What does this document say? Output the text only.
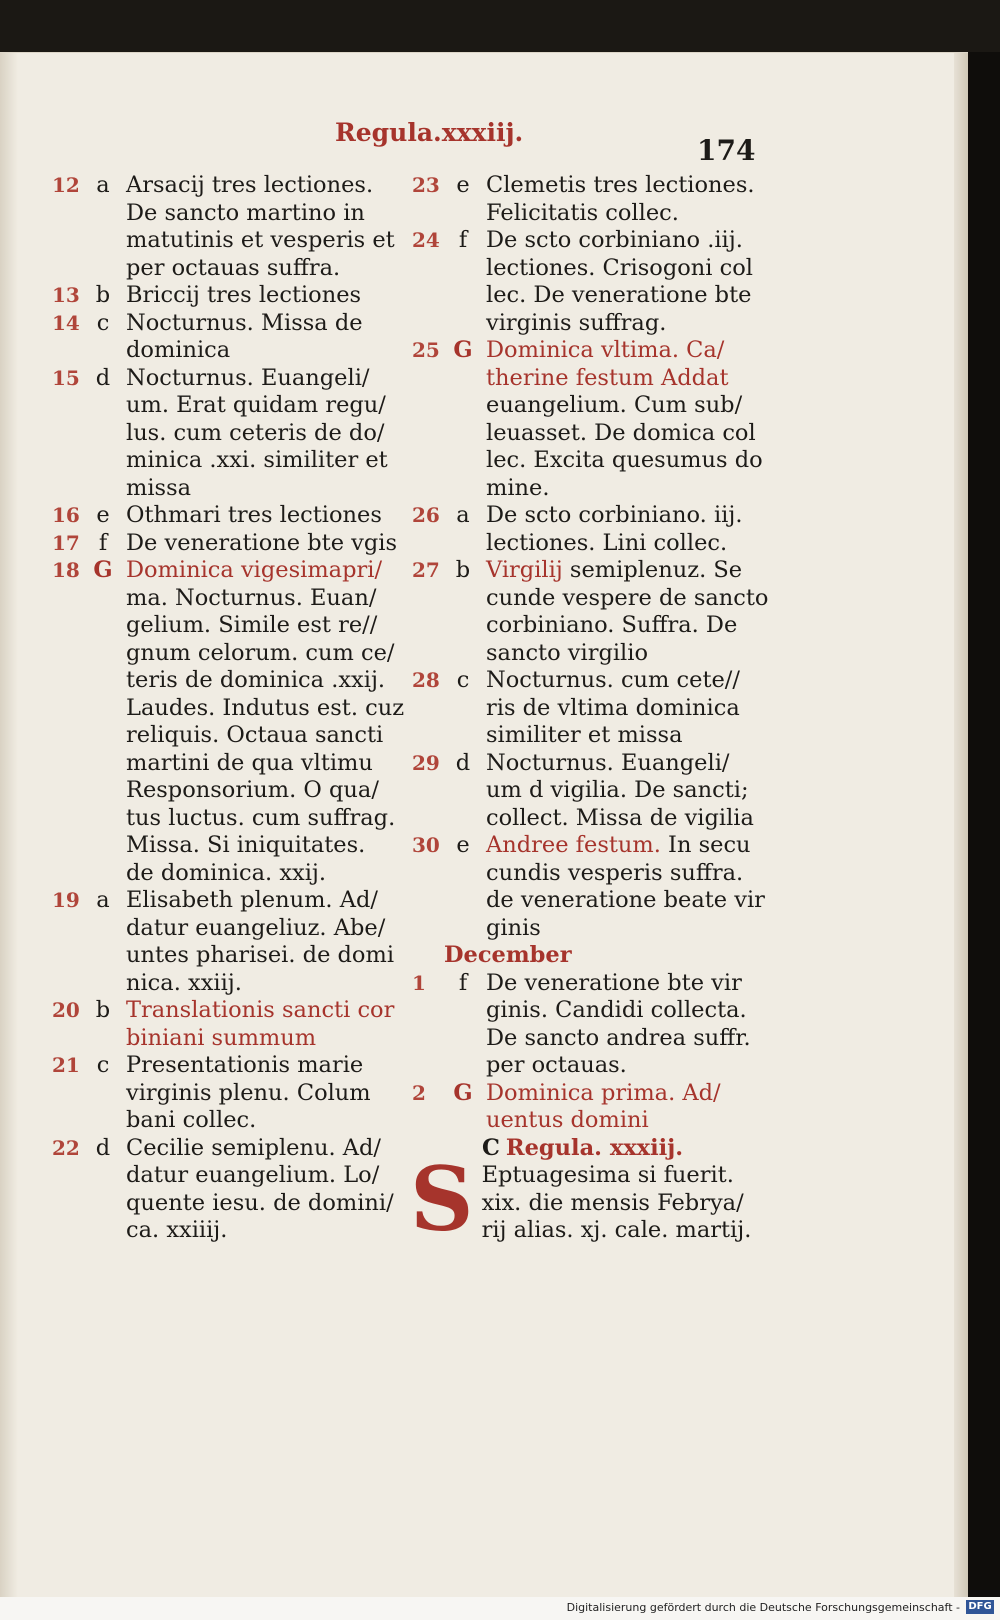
Regula.xxxiij.
174
12 a Arsacij tres lectiones.
De sancto martino in
matutinis et vesperis et
per octauas suffra.
13 b Briccij tres lectiones
14 c Nocturnus. Missa de
dominica
15 d Nocturnus. Euangeli/
um. Erat quidam regu/
lus. cum ceteris de do/
minica .xxi. similiter et
missa
16 e Othmari tres lectiones
17 f De veneratione bte vgis
18 G Dominica vigesimapri/
ma. Nocturnus. Euan/
gelium. Simile est re//
gnum celorum. cum ce/
teris de dominica .xxij.
Laudes. Indutus est. cuz
reliquis. Octaua sancti
martini de qua vltimu
Responsorium. O qua/
tus luctus. cum suffrag.
Missa. Si iniquitates.
de dominica. xxij.
19 a Elisabeth plenum. Ad/
datur euangeliuz. Abe/
untes pharisei. de domi
nica. xxiij.
20 b Translationis sancti cor
biniani summum
21 c Presentationis marie
virginis plenu. Colum
bani collec.
22 d Cecilie semiplenu. Ad/
datur euangelium. Lo/
quente iesu. de domini/
ca. xxiiij.
23 e Clemetis tres lectiones.
Felicitatis collec.
24 f De scto corbiniano .iij.
lectiones. Crisogoni col
lec. De veneratione bte
virginis suffrag.
25 G Dominica vltima. Ca/
therine festum Addat
euangelium. Cum sub/
leuasset. De domica col
lec. Excita quesumus do
mine.
26 a De scto corbiniano. iij.
lectiones. Lini collec.
27 b Virgilij semiplenuz. Se
cunde vespere de sancto
corbiniano. Suffra. De
sancto virgilio
28 c Nocturnus. cum cete//
ris de vltima dominica
similiter et missa
29 d Nocturnus. Euangeli/
um d vigilia. De sancti;
collect. Missa de vigilia
30 e Andree festum. In secu
cundis vesperis suffra.
de veneratione beate vir
ginis
December
1	f De veneratione bte vir
ginis. Candidi collecta.
De sancto andrea suffr.
per octauas.
2	G Dominica prima. Ad/
uentus domini
C Regula. xxxiij.
S Eptuagesima si fuerit.
xix. die mensis Febrya/
rij alias. xj. cale. martij.
Digitalisierung gefördert durch die Deutsche Forschungsgemeinschaft - DFG
